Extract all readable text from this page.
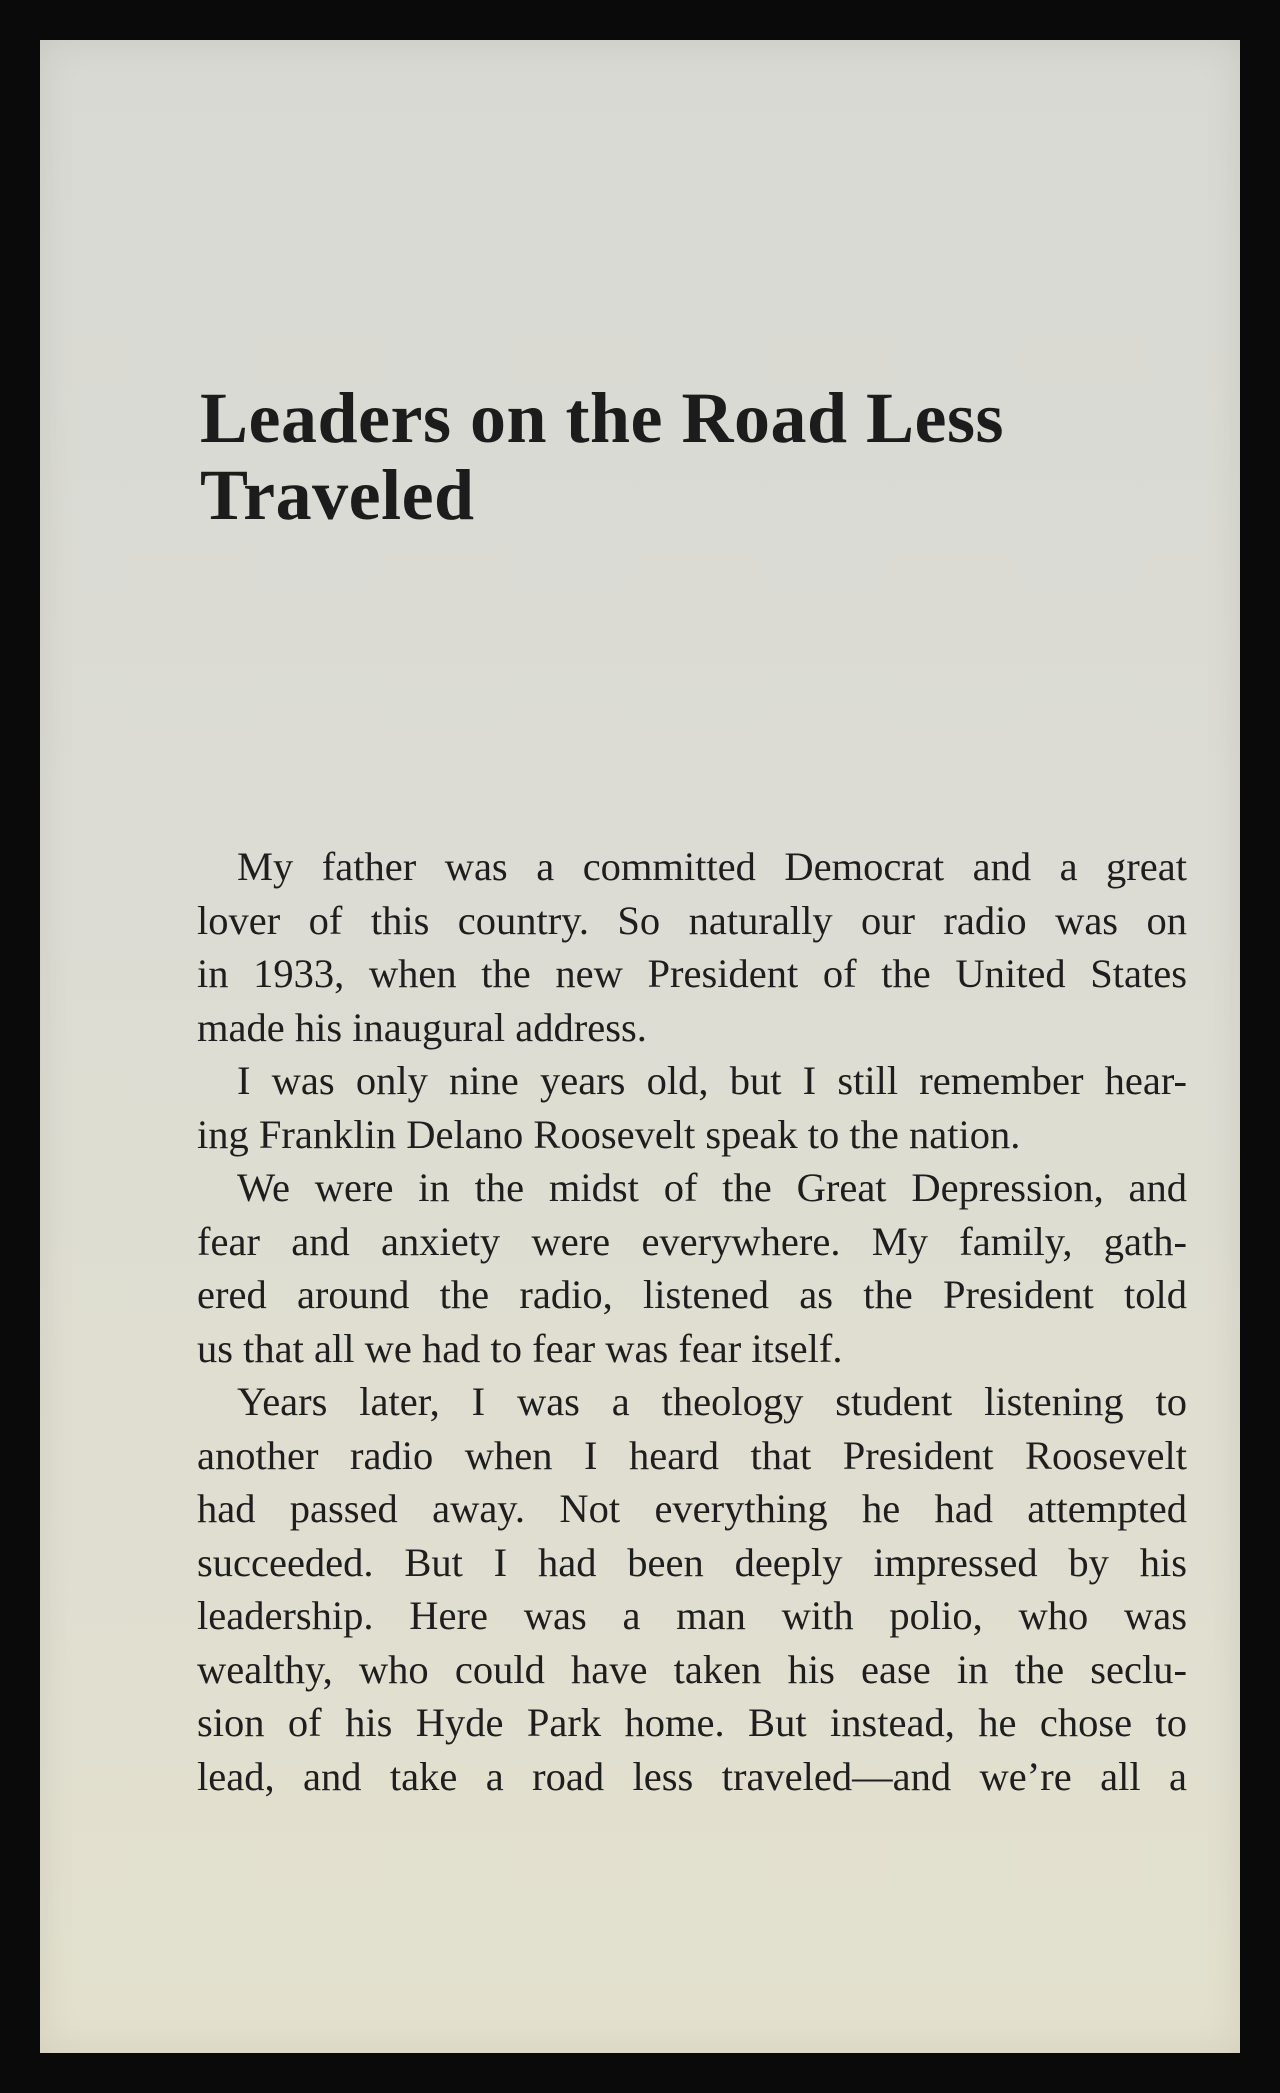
Leaders on the Road Less
Traveled

My father was a committed Democrat and a great
lover of this country. So naturally our radio was on
in 1933, when the new President of the United States
made his inaugural address.

I was only nine years old, but I still remember hear-
ing Franklin Delano Roosevelt speak to the nation.

We were in the midst of the Great Depression, and
fear and anxiety were everywhere. My family, gath-
ered around the radio, listened as the President told
us that all we had to fear was fear itself.

Years later, I was a theology student listening to
another radio when I heard that President Roosevelt
had passed away. Not everything he had attempted
succeeded. But I had been deeply impressed by his
leadership. Here was a man with polio, who was
wealthy, who could have taken his ease in the seclu-
sion of his Hyde Park home. But instead, he chose to
lead, and take a road less traveled—and we’re all a
